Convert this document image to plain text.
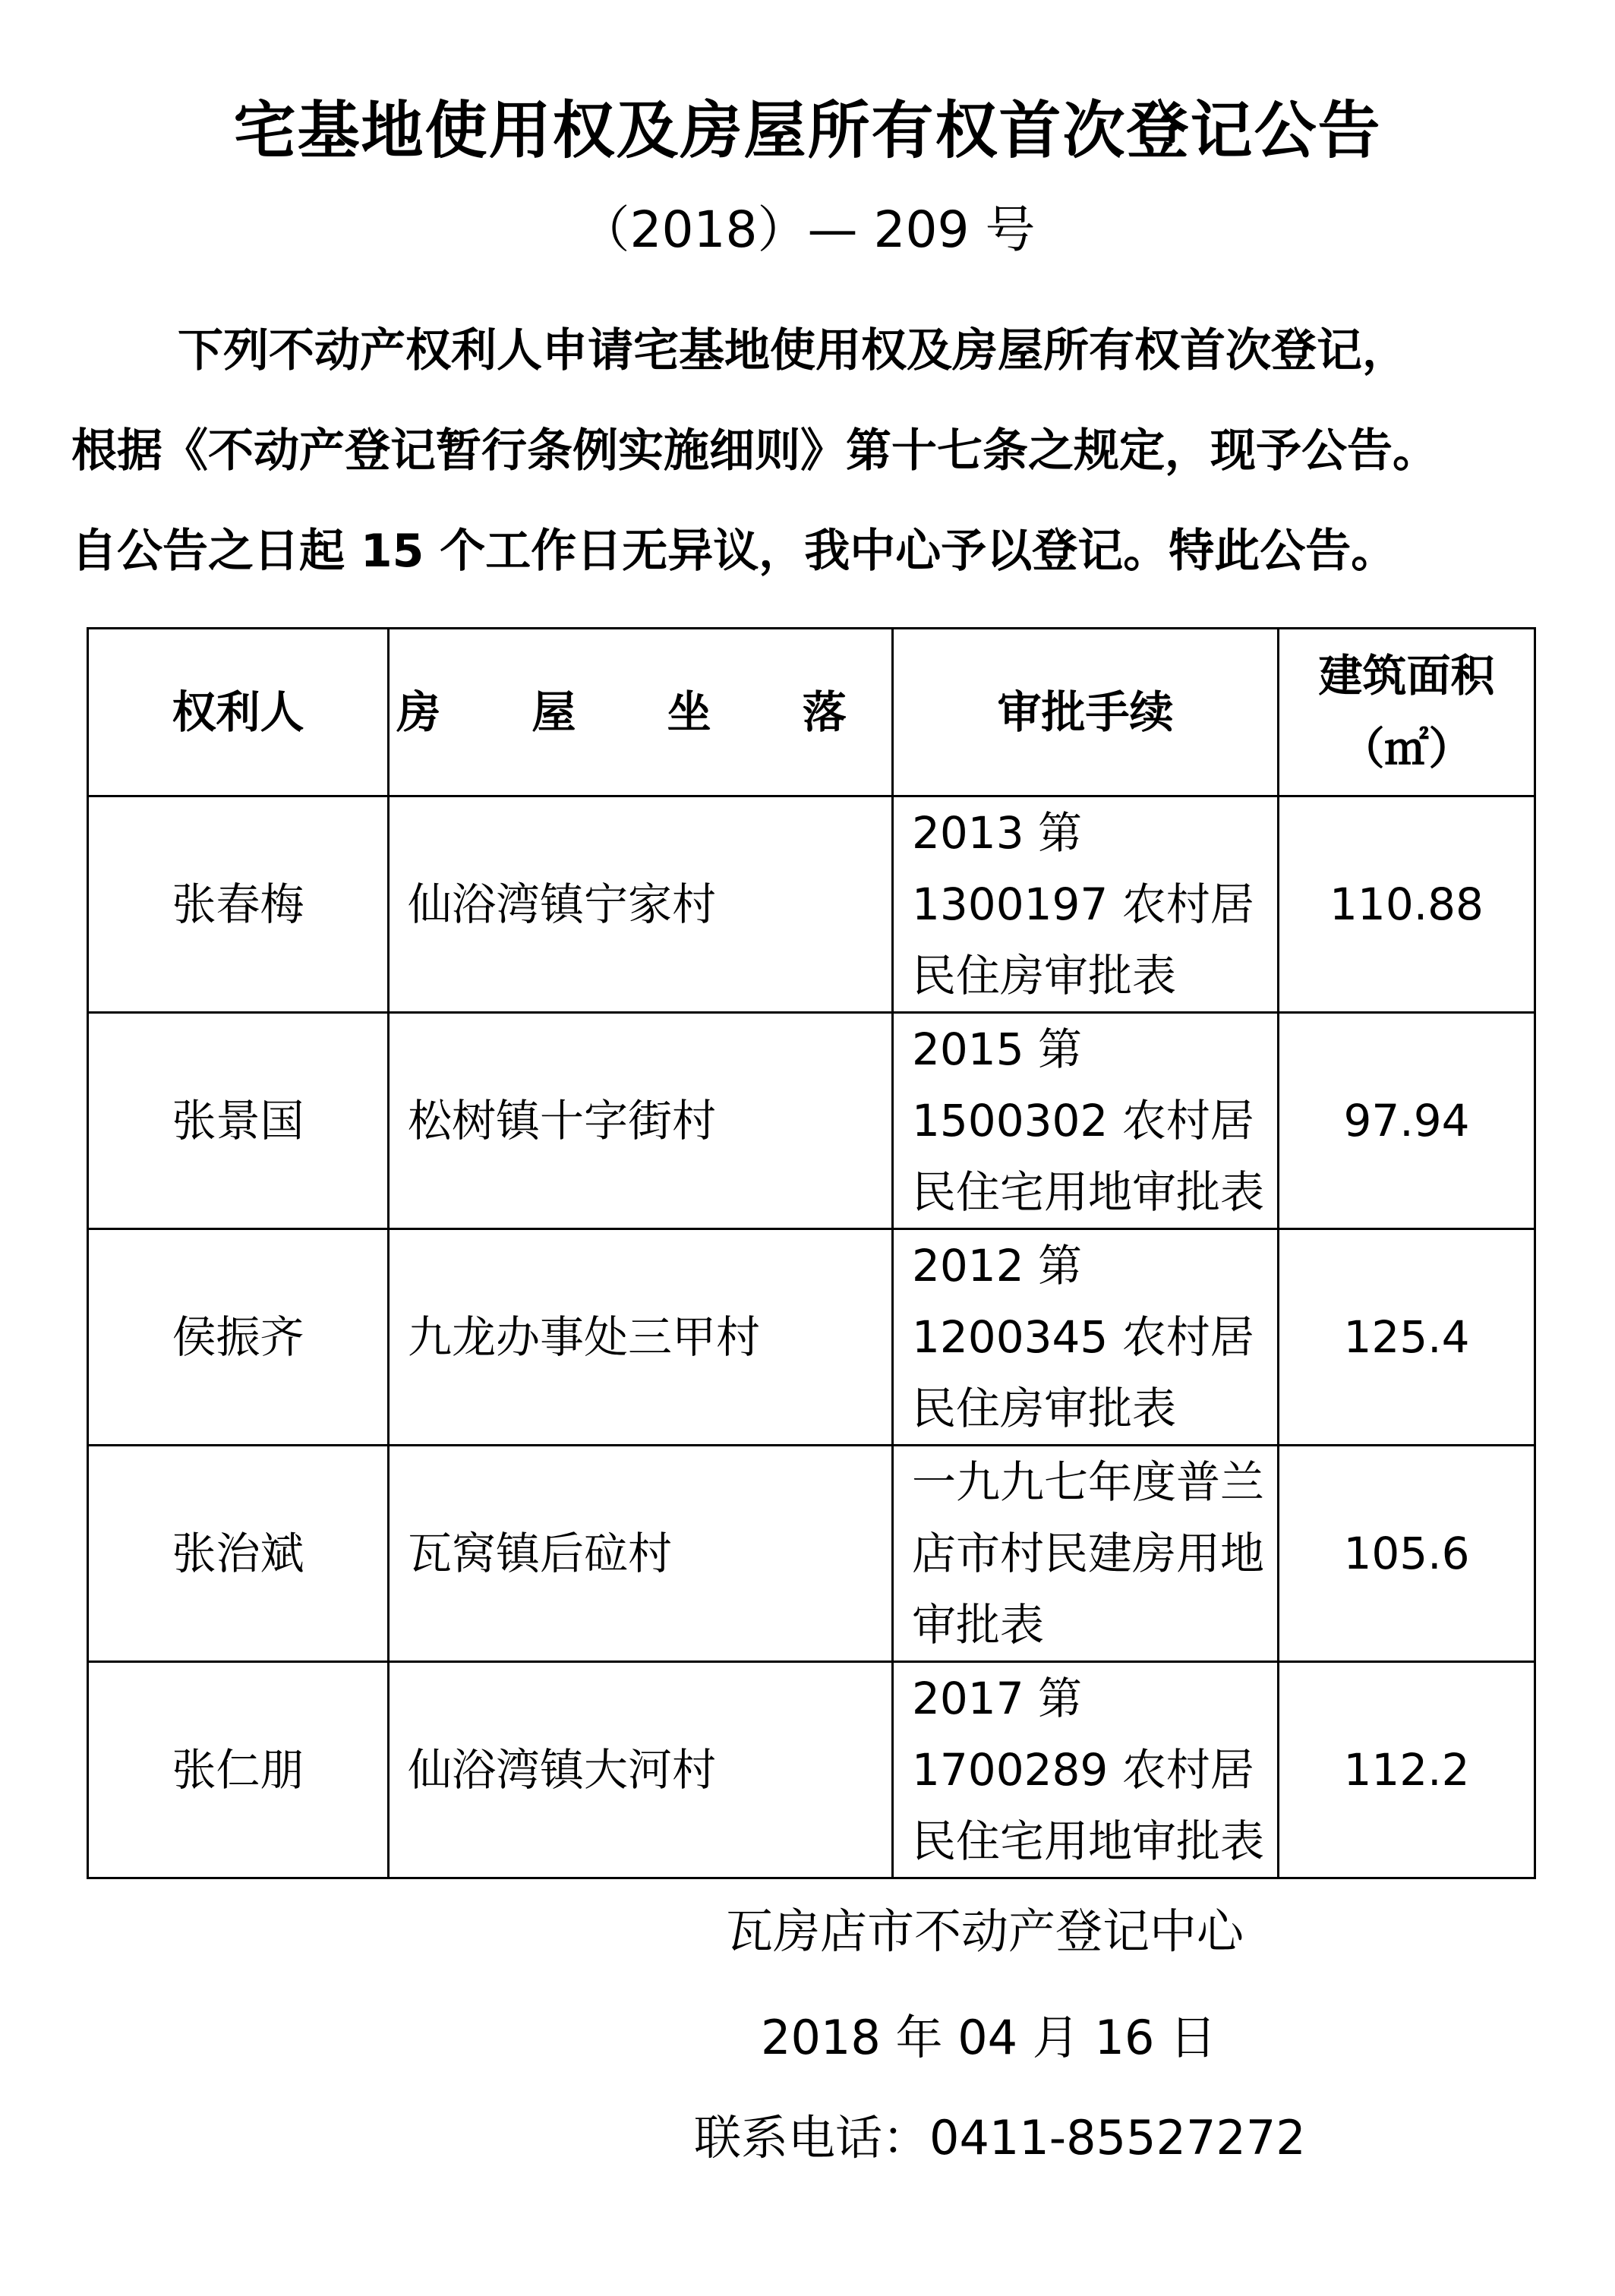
宅基地使用权及房屋所有权首次登记公告
（2018）— 209 号
下列不动产权利人申请宅基地使用权及房屋所有权首次登记，
根据《不动产登记暂行条例实施细则》第十七条之规定，现予公告。
自公告之日起 15 个工作日无异议，我中心予以登记。特此公告。
权利人	房 屋 坐 落	审批手续	建筑面积
（㎡）

张春梅	仙浴湾镇宁家村	2013 第 1300197 农村居民住房审批表	110.88
张景国	松树镇十字街村	2015 第 1500302 农村居民住宅用地审批表	97.94
侯振齐	九龙办事处三甲村	2012 第 1200345 农村居民住房审批表	125.4
张治斌	瓦窝镇后砬村	一九九七年度普兰店市村民建房用地审批表	105.6
张仁朋	仙浴湾镇大河村	2017 第 1700289 农村居民住宅用地审批表	112.2
瓦房店市不动产登记中心
2018 年 04 月 16 日
联系电话：0411-85527272
